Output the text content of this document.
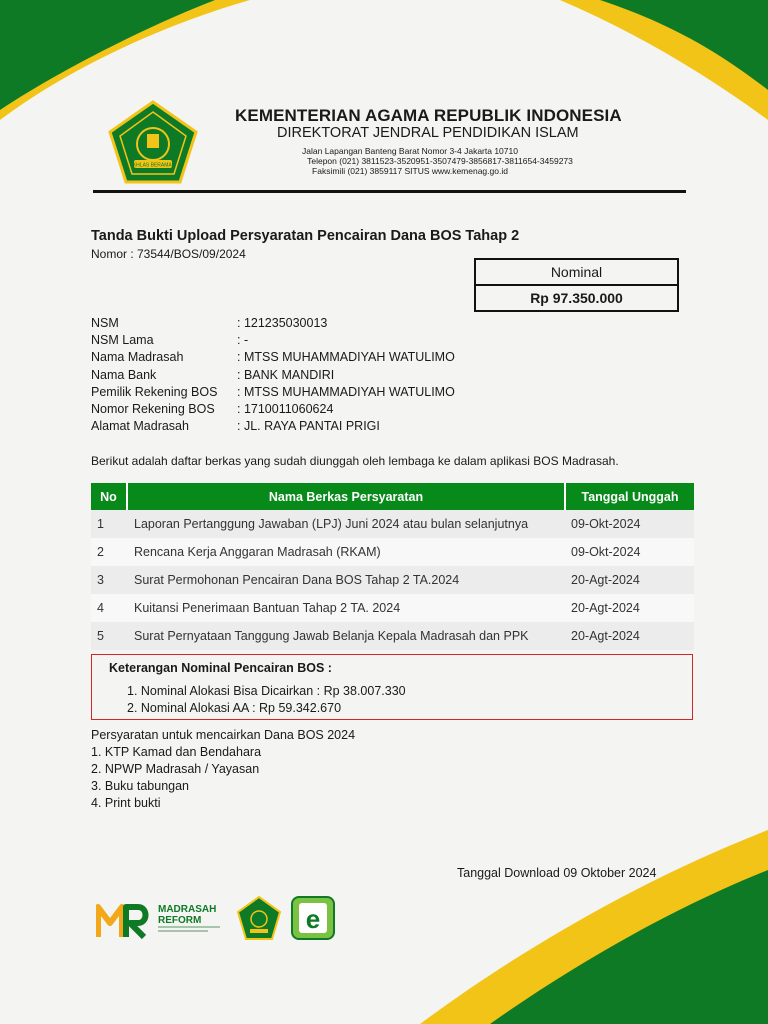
IKHLAS BERAMAL
KEMENTERIAN AGAMA REPUBLIK INDONESIA
DIREKTORAT JENDRAL PENDIDIKAN ISLAM
Jalan Lapangan Banteng Barat Nomor 3-4 Jakarta 10710
Telepon (021) 3811523-3520951-3507479-3856817-3811654-3459273
Faksimili (021) 3859117 SITUS www.kemenag.go.id
Tanda Bukti Upload Persyaratan Pencairan Dana BOS Tahap 2
Nomor : 73544/BOS/09/2024
Nominal
Rp 97.350.000
NSM	: 121235030013
NSM Lama	: -
Nama Madrasah	: MTSS MUHAMMADIYAH WATULIMO
Nama Bank	: BANK MANDIRI
Pemilik Rekening BOS	: MTSS MUHAMMADIYAH WATULIMO
Nomor Rekening BOS	: 1710011060624
Alamat Madrasah	: JL. RAYA PANTAI PRIGI
Berikut adalah daftar berkas yang sudah diunggah oleh lembaga ke dalam aplikasi BOS Madrasah.
No	Nama Berkas Persyaratan	Tanggal Unggah
1	Laporan Pertanggung Jawaban (LPJ) Juni 2024 atau bulan selanjutnya	09-Okt-2024
2	Rencana Kerja Anggaran Madrasah (RKAM)	09-Okt-2024
3	Surat Permohonan Pencairan Dana BOS Tahap 2 TA.2024	20-Agt-2024
4	Kuitansi Penerimaan Bantuan Tahap 2 TA. 2024	20-Agt-2024
5	Surat Pernyataan Tanggung Jawab Belanja Kepala Madrasah dan PPK	20-Agt-2024
Keterangan Nominal Pencairan BOS :
1. Nominal Alokasi Bisa Dicairkan : Rp 38.007.330
2. Nominal Alokasi AA : Rp 59.342.670
Persyaratan untuk mencairkan Dana BOS 2024
1. KTP Kamad dan Bendahara
2. NPWP Madrasah / Yayasan
3. Buku tabungan
4. Print bukti
Tanggal Download 09 Oktober 2024
MADRASAH
REFORM	e
